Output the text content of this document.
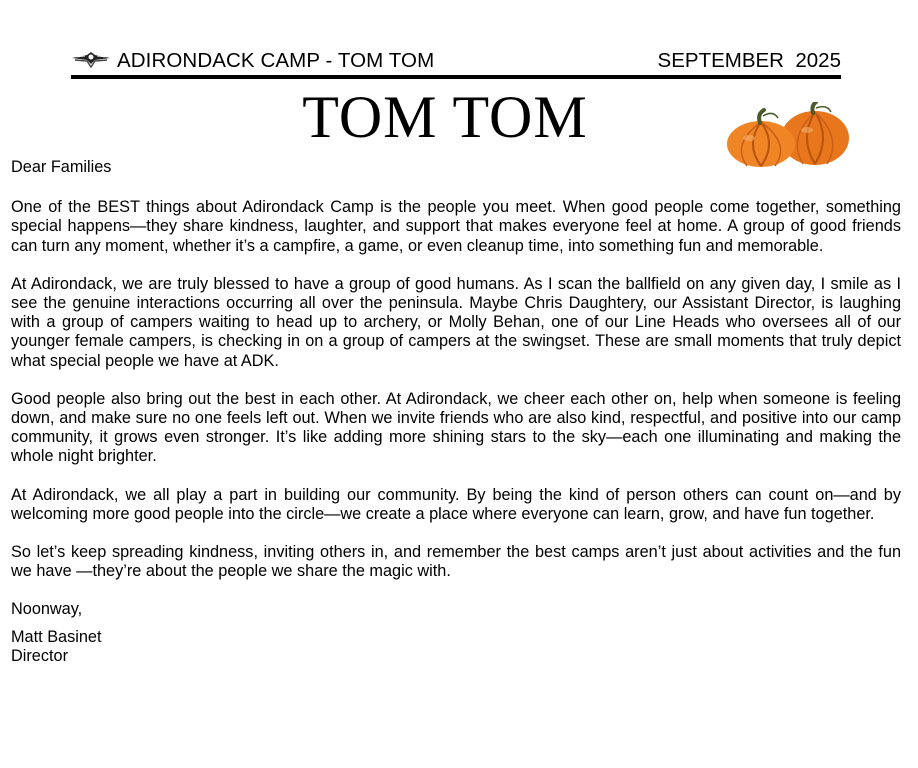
ADIRONDACK CAMP - TOM TOM	SEPTEMBER  2025
TOM TOM

Dear Families

One of the BEST things about Adirondack Camp is the people you meet. When good people come together, something special happens—they share kindness, laughter, and support that makes everyone feel at home. A group of good friends can turn any moment, whether it’s a campfire, a game, or even cleanup time, into something fun and memorable.

At Adirondack, we are truly blessed to have a group of good humans. As I scan the ballfield on any given day, I smile as I see the genuine interactions occurring all over the peninsula. Maybe Chris Daughtery, our Assistant Director, is laughing with a group of campers waiting to head up to archery, or Molly Behan, one of our Line Heads who oversees all of our younger female campers, is checking in on a group of campers at the swingset. These are small moments that truly depict what special people we have at ADK.

Good people also bring out the best in each other. At Adirondack, we cheer each other on, help when someone is feeling down, and make sure no one feels left out. When we invite friends who are also kind, respectful, and positive into our camp community, it grows even stronger. It’s like adding more shining stars to the sky—each one illuminating and making the whole night brighter.

At Adirondack, we all play a part in building our community. By being the kind of person others can count on—and by welcoming more good people into the circle—we create a place where everyone can learn, grow, and have fun together.

So let’s keep spreading kindness, inviting others in, and remember the best camps aren’t just about activities and the fun we have —they’re about the people we share the magic with.

Noonway,

Matt Basinet

Director
